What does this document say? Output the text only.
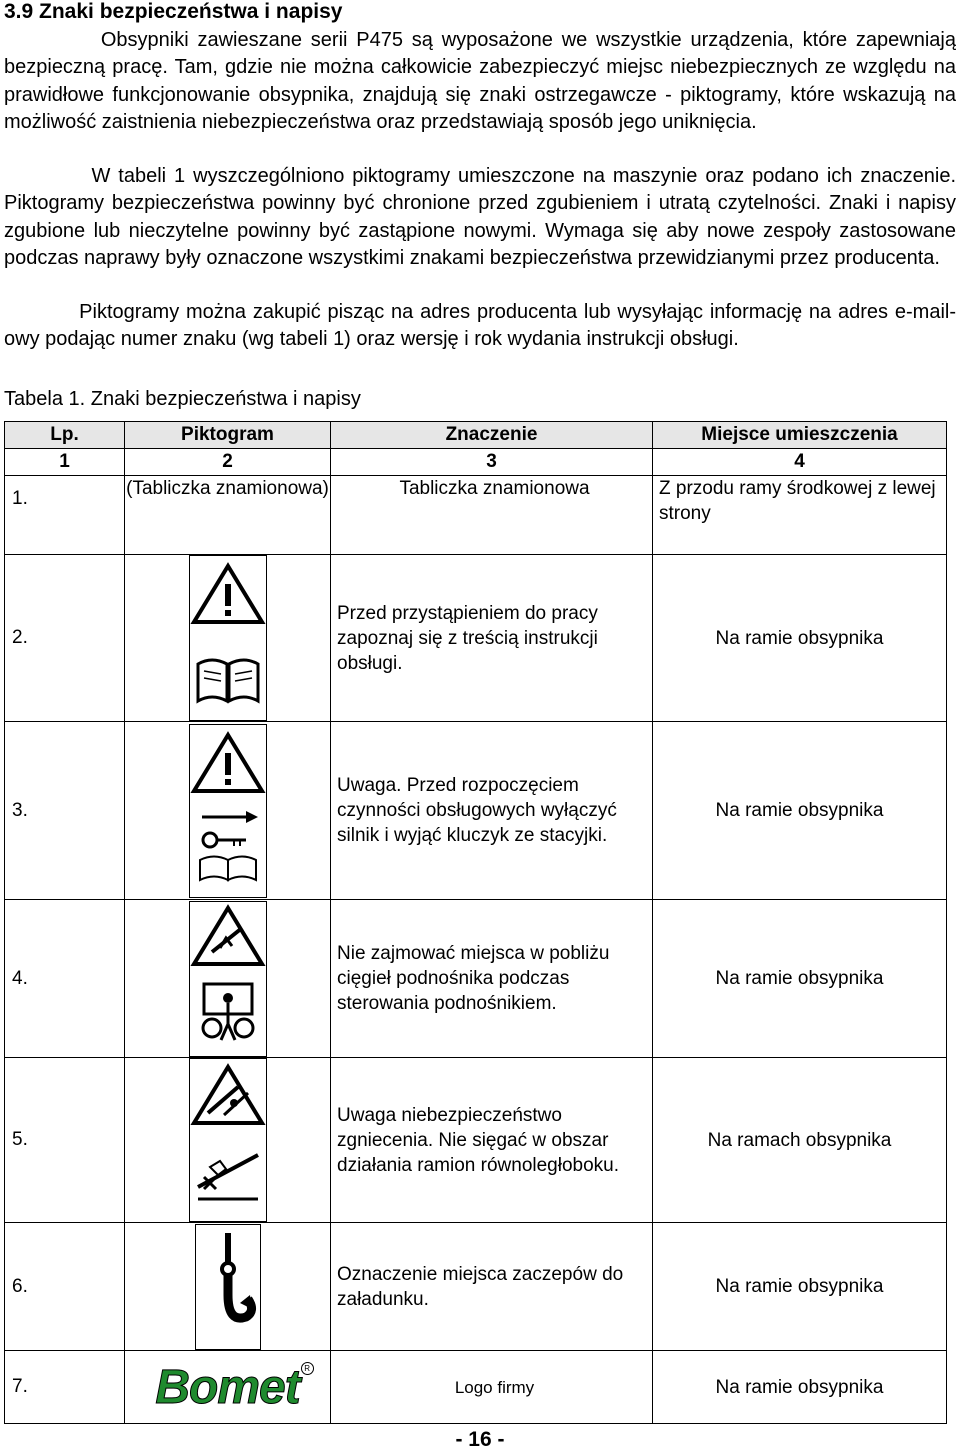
3.9 Znaki bezpieczeństwa i napisy
Obsypniki zawieszane serii P475 są wyposażone we wszystkie urządzenia, które zapewniają bezpieczną pracę. Tam, gdzie nie można całkowicie zabezpieczyć miejsc niebezpiecznych ze względu na prawidłowe funkcjonowanie obsypnika, znajdują się znaki ostrzegawcze - piktogramy, które wskazują na możliwość zaistnienia niebezpieczeństwa oraz przedstawiają sposób jego uniknięcia.
W tabeli 1 wyszczególniono piktogramy umieszczone na maszynie oraz podano ich znaczenie. Piktogramy bezpieczeństwa powinny być chronione przed zgubieniem i utratą czytelności. Znaki i napisy zgubione lub nieczytelne powinny być zastąpione nowymi. Wymaga się aby nowe zespoły zastosowane podczas naprawy były oznaczone wszystkimi znakami bezpieczeństwa przewidzianymi przez producenta.
Piktogramy można zakupić pisząc na adres producenta lub wysyłając informację na adres e-mail-owy podając numer znaku (wg tabeli 1) oraz wersję i rok wydania instrukcji obsługi.
Tabela 1. Znaki bezpieczeństwa i napisy
Lp.	Piktogram	Znaczenie	Miejsce umieszczenia
1	2	3	4
1.	(Tabliczka znamionowa)	Tabliczka znamionowa	Z przodu ramy środkowej z lewej strony
2.		Przed przystąpieniem do pracy zapoznaj się z treścią instrukcji obsługi.	Na ramie obsypnika
3.		Uwaga. Przed rozpoczęciem czynności obsługowych wyłączyć silnik i wyjąć kluczyk ze stacyjki.	Na ramie obsypnika
4.		Nie zajmować miejsca w pobliżu cięgieł podnośnika podczas sterowania podnośnikiem.	Na ramie obsypnika
5.		Uwaga niebezpieczeństwo zgniecenia. Nie sięgać w obszar działania ramion równoległoboku.	Na ramach obsypnika
6.		Oznaczenie miejsca zaczepów do załadunku.	Na ramie obsypnika
7.	Bomet R	Logo firmy	Na ramie obsypnika
- 16 -
